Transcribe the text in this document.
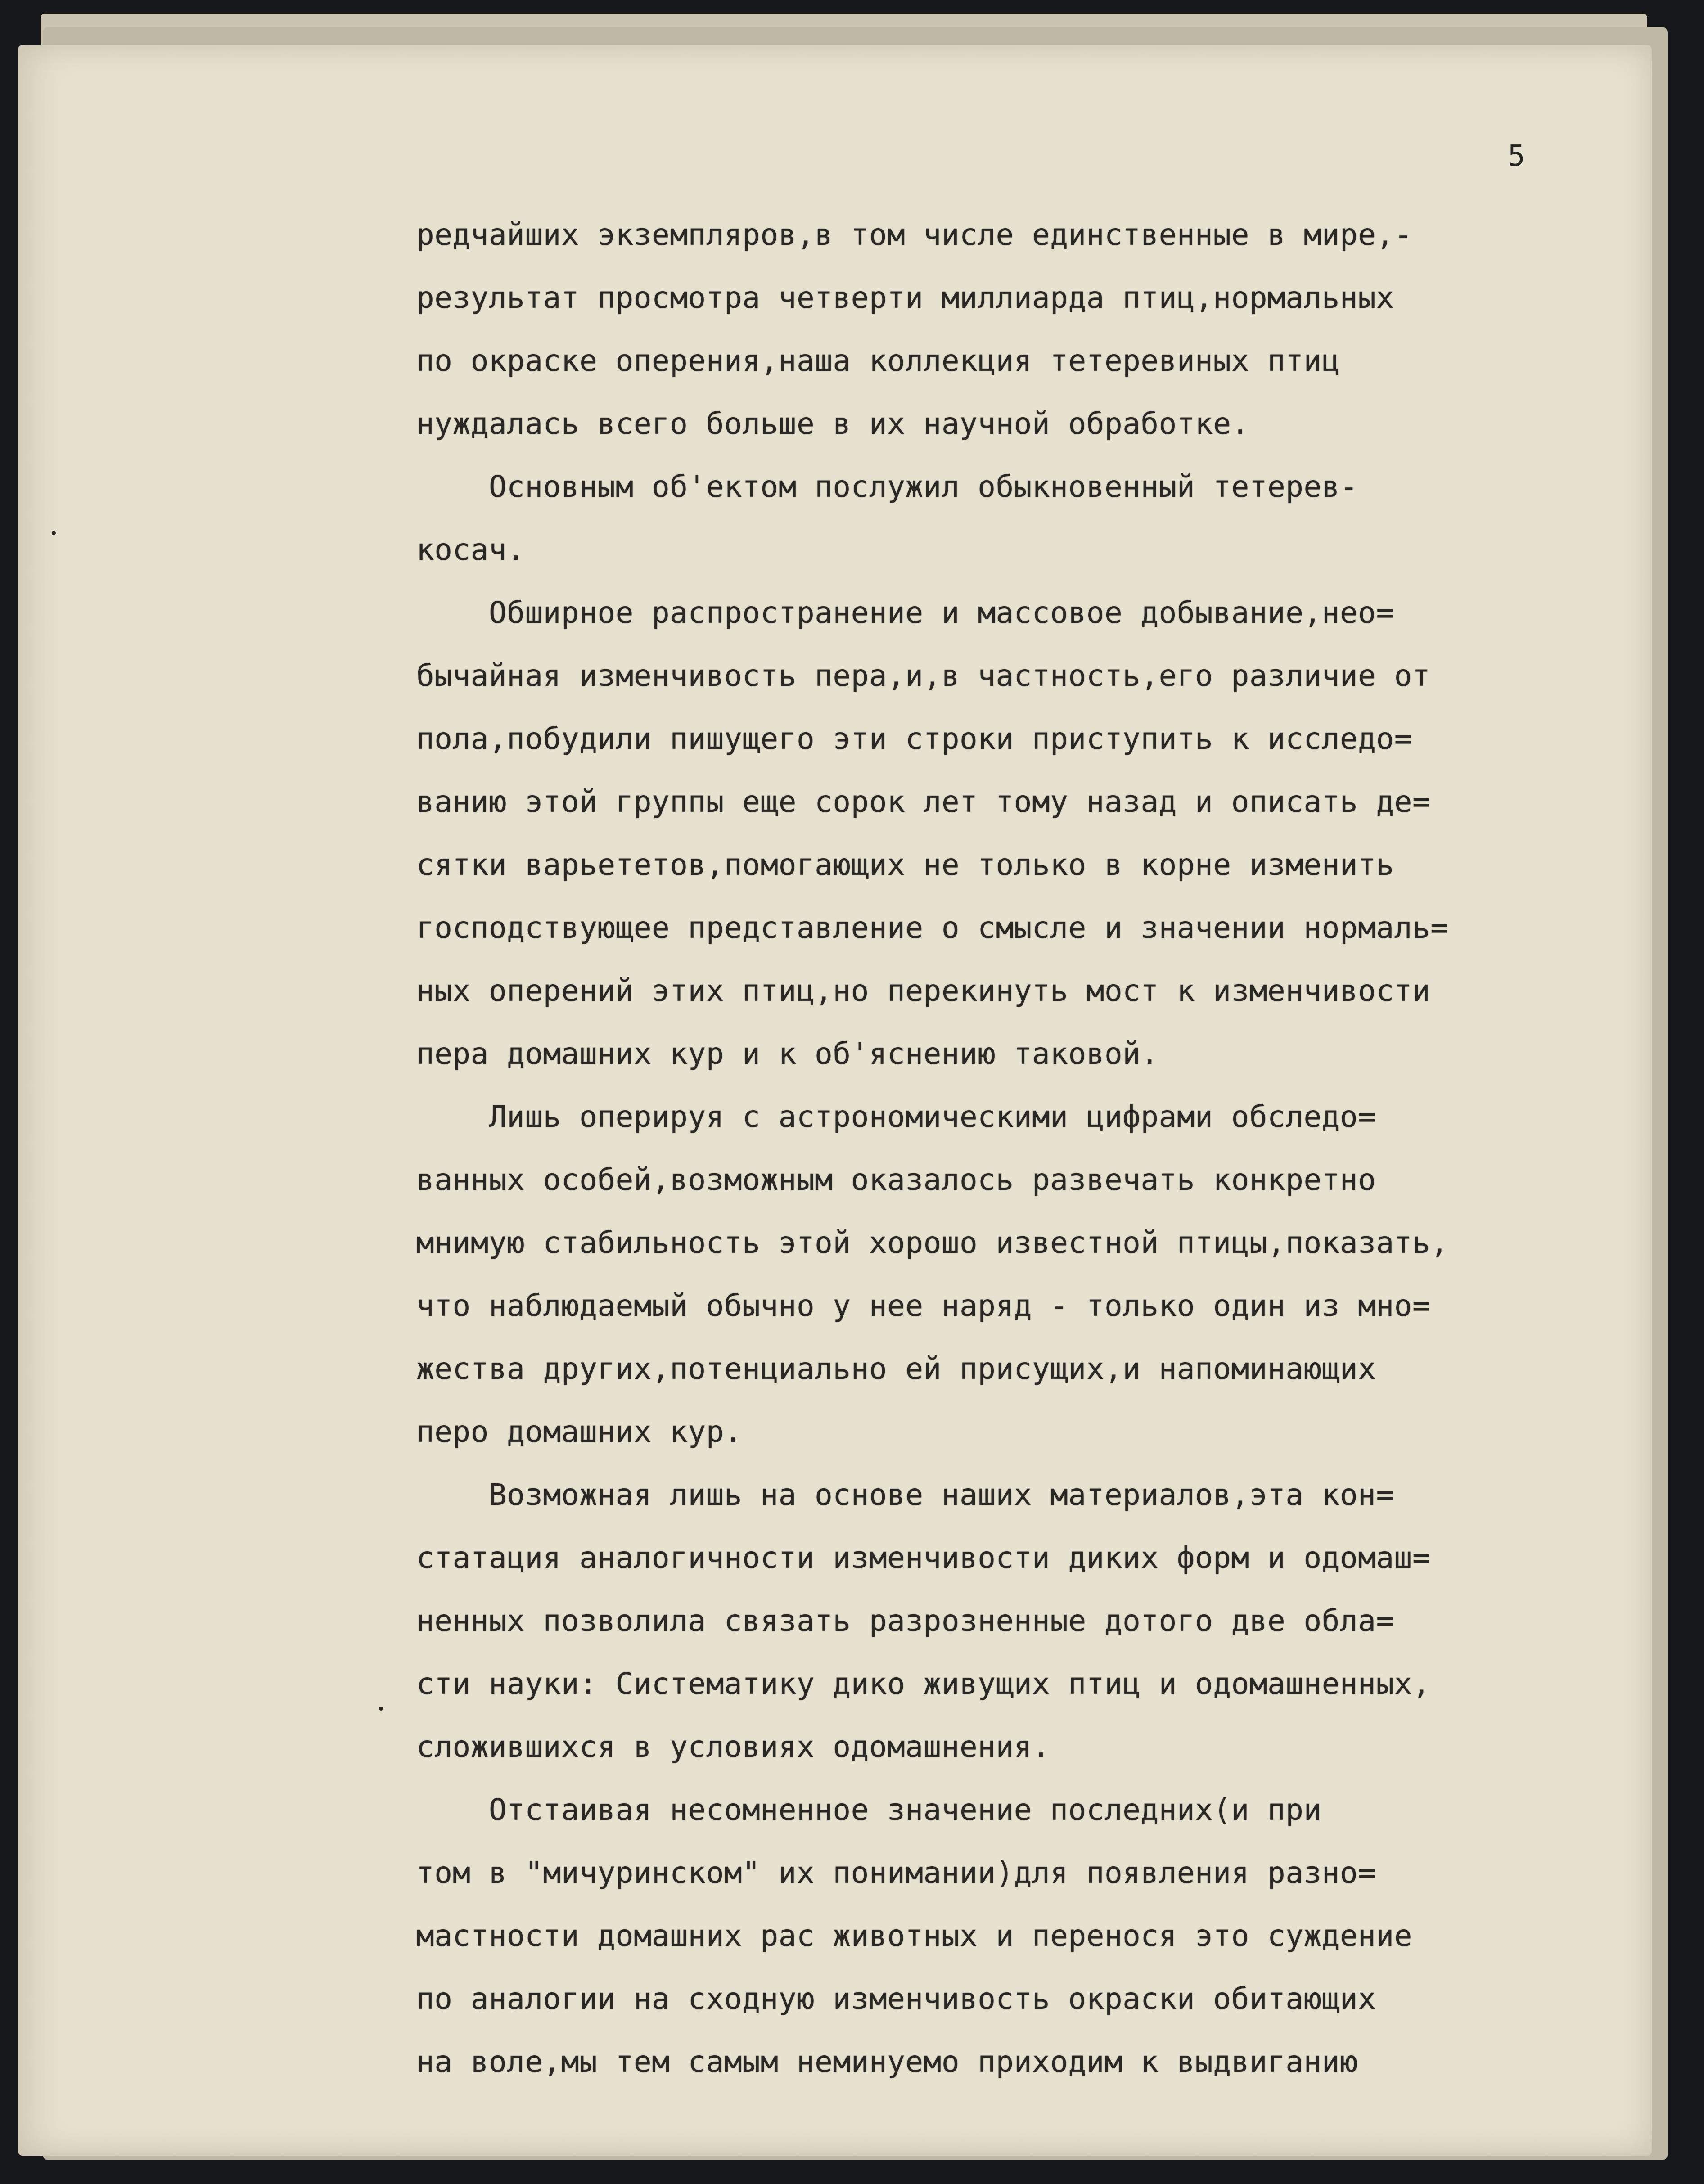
5
редчайших экземпляров,в том числе единственные в мире,-
результат просмотра четверти миллиарда птиц,нормальных
по окраске оперения,наша коллекция тетеревиных птиц
нуждалась всего больше в их научной обработке.
Основным об'ектом послужил обыкновенный тетерев-
косач.
Обширное распространение и массовое добывание,нео=
бычайная изменчивость пера,и,в частность,его различие от
пола,побудили пишущего эти строки приступить к исследо=
ванию этой группы еще сорок лет тому назад и описать де=
сятки варьететов,помогающих не только в корне изменить
господствующее представление о смысле и значении нормаль=
ных оперений этих птиц,но перекинуть мост к изменчивости
пера домашних кур и к об'яснению таковой.
Лишь оперируя с астрономическими цифрами обследо=
ванных особей,возможным оказалось развечать конкретно
мнимую стабильность этой хорошо известной птицы,показать,
что наблюдаемый обычно у нее наряд - только один из мно=
жества других,потенциально ей присущих,и напоминающих
перо домашних кур.
Возможная лишь на основе наших материалов,эта кон=
статация аналогичности изменчивости диких форм и одомаш=
ненных позволила связать разрозненные дотого две обла=
сти науки: Систематику дико живущих птиц и одомашненных,
сложившихся в условиях одомашнения.
Отстаивая несомненное значение последних(и при
том в "мичуринском" их понимании)для появления разно=
мастности домашних рас животных и перенося это суждение
по аналогии на сходную изменчивость окраски обитающих
на воле,мы тем самым неминуемо приходим к выдвиганию
